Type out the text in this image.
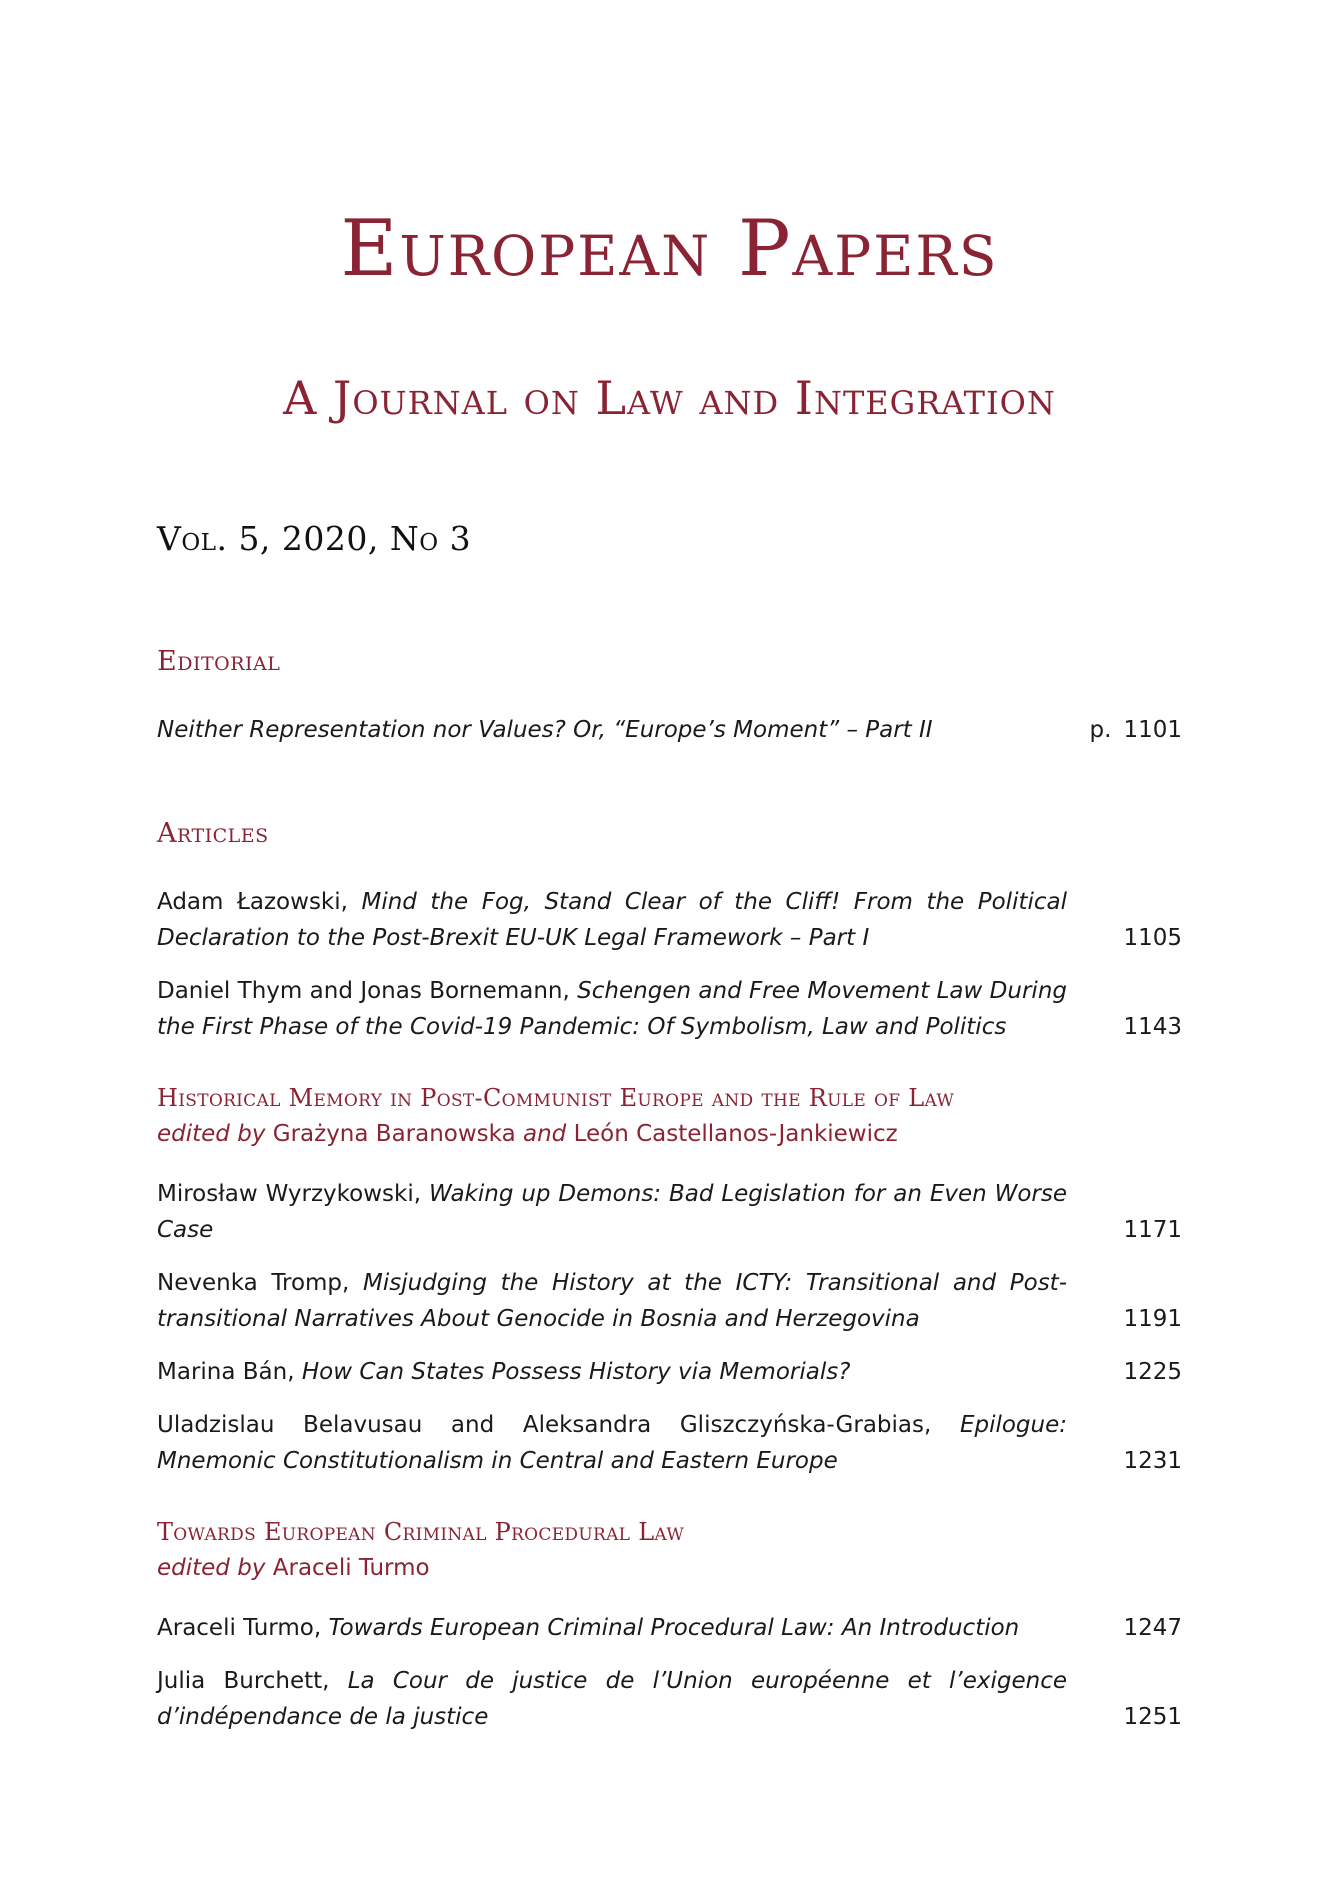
European Papers
A Journal on Law and Integration
Vol. 5, 2020, No 3
Editorial
Neither Representation nor Values? Or, “Europe’s Moment” – Part II	p. 1101
Articles
Adam Łazowski, Mind the Fog, Stand Clear of the Cliff! From the Political Declaration to the Post-Brexit EU-UK Legal Framework – Part I	1105
Daniel Thym and Jonas Bornemann, Schengen and Free Movement Law During the First Phase of the Covid-19 Pandemic: Of Symbolism, Law and Politics	1143
Historical Memory in Post-Communist Europe and the Rule of Law
edited by Grażyna Baranowska and León Castellanos-Jankiewicz
Mirosław Wyrzykowski, Waking up Demons: Bad Legislation for an Even Worse Case	1171
Nevenka Tromp, Misjudging the History at the ICTY: Transitional and Post-transitional Narratives About Genocide in Bosnia and Herzegovina	1191
Marina Bán, How Can States Possess History via Memorials?	1225
Uladzislau Belavusau and Aleksandra Gliszczyńska-Grabias, Epilogue: Mnemonic Constitutionalism in Central and Eastern Europe	1231
Towards European Criminal Procedural Law
edited by Araceli Turmo
Araceli Turmo, Towards European Criminal Procedural Law: An Introduction	1247
Julia Burchett, La Cour de justice de l’Union européenne et l’exigence d’indépendance de la justice	1251
